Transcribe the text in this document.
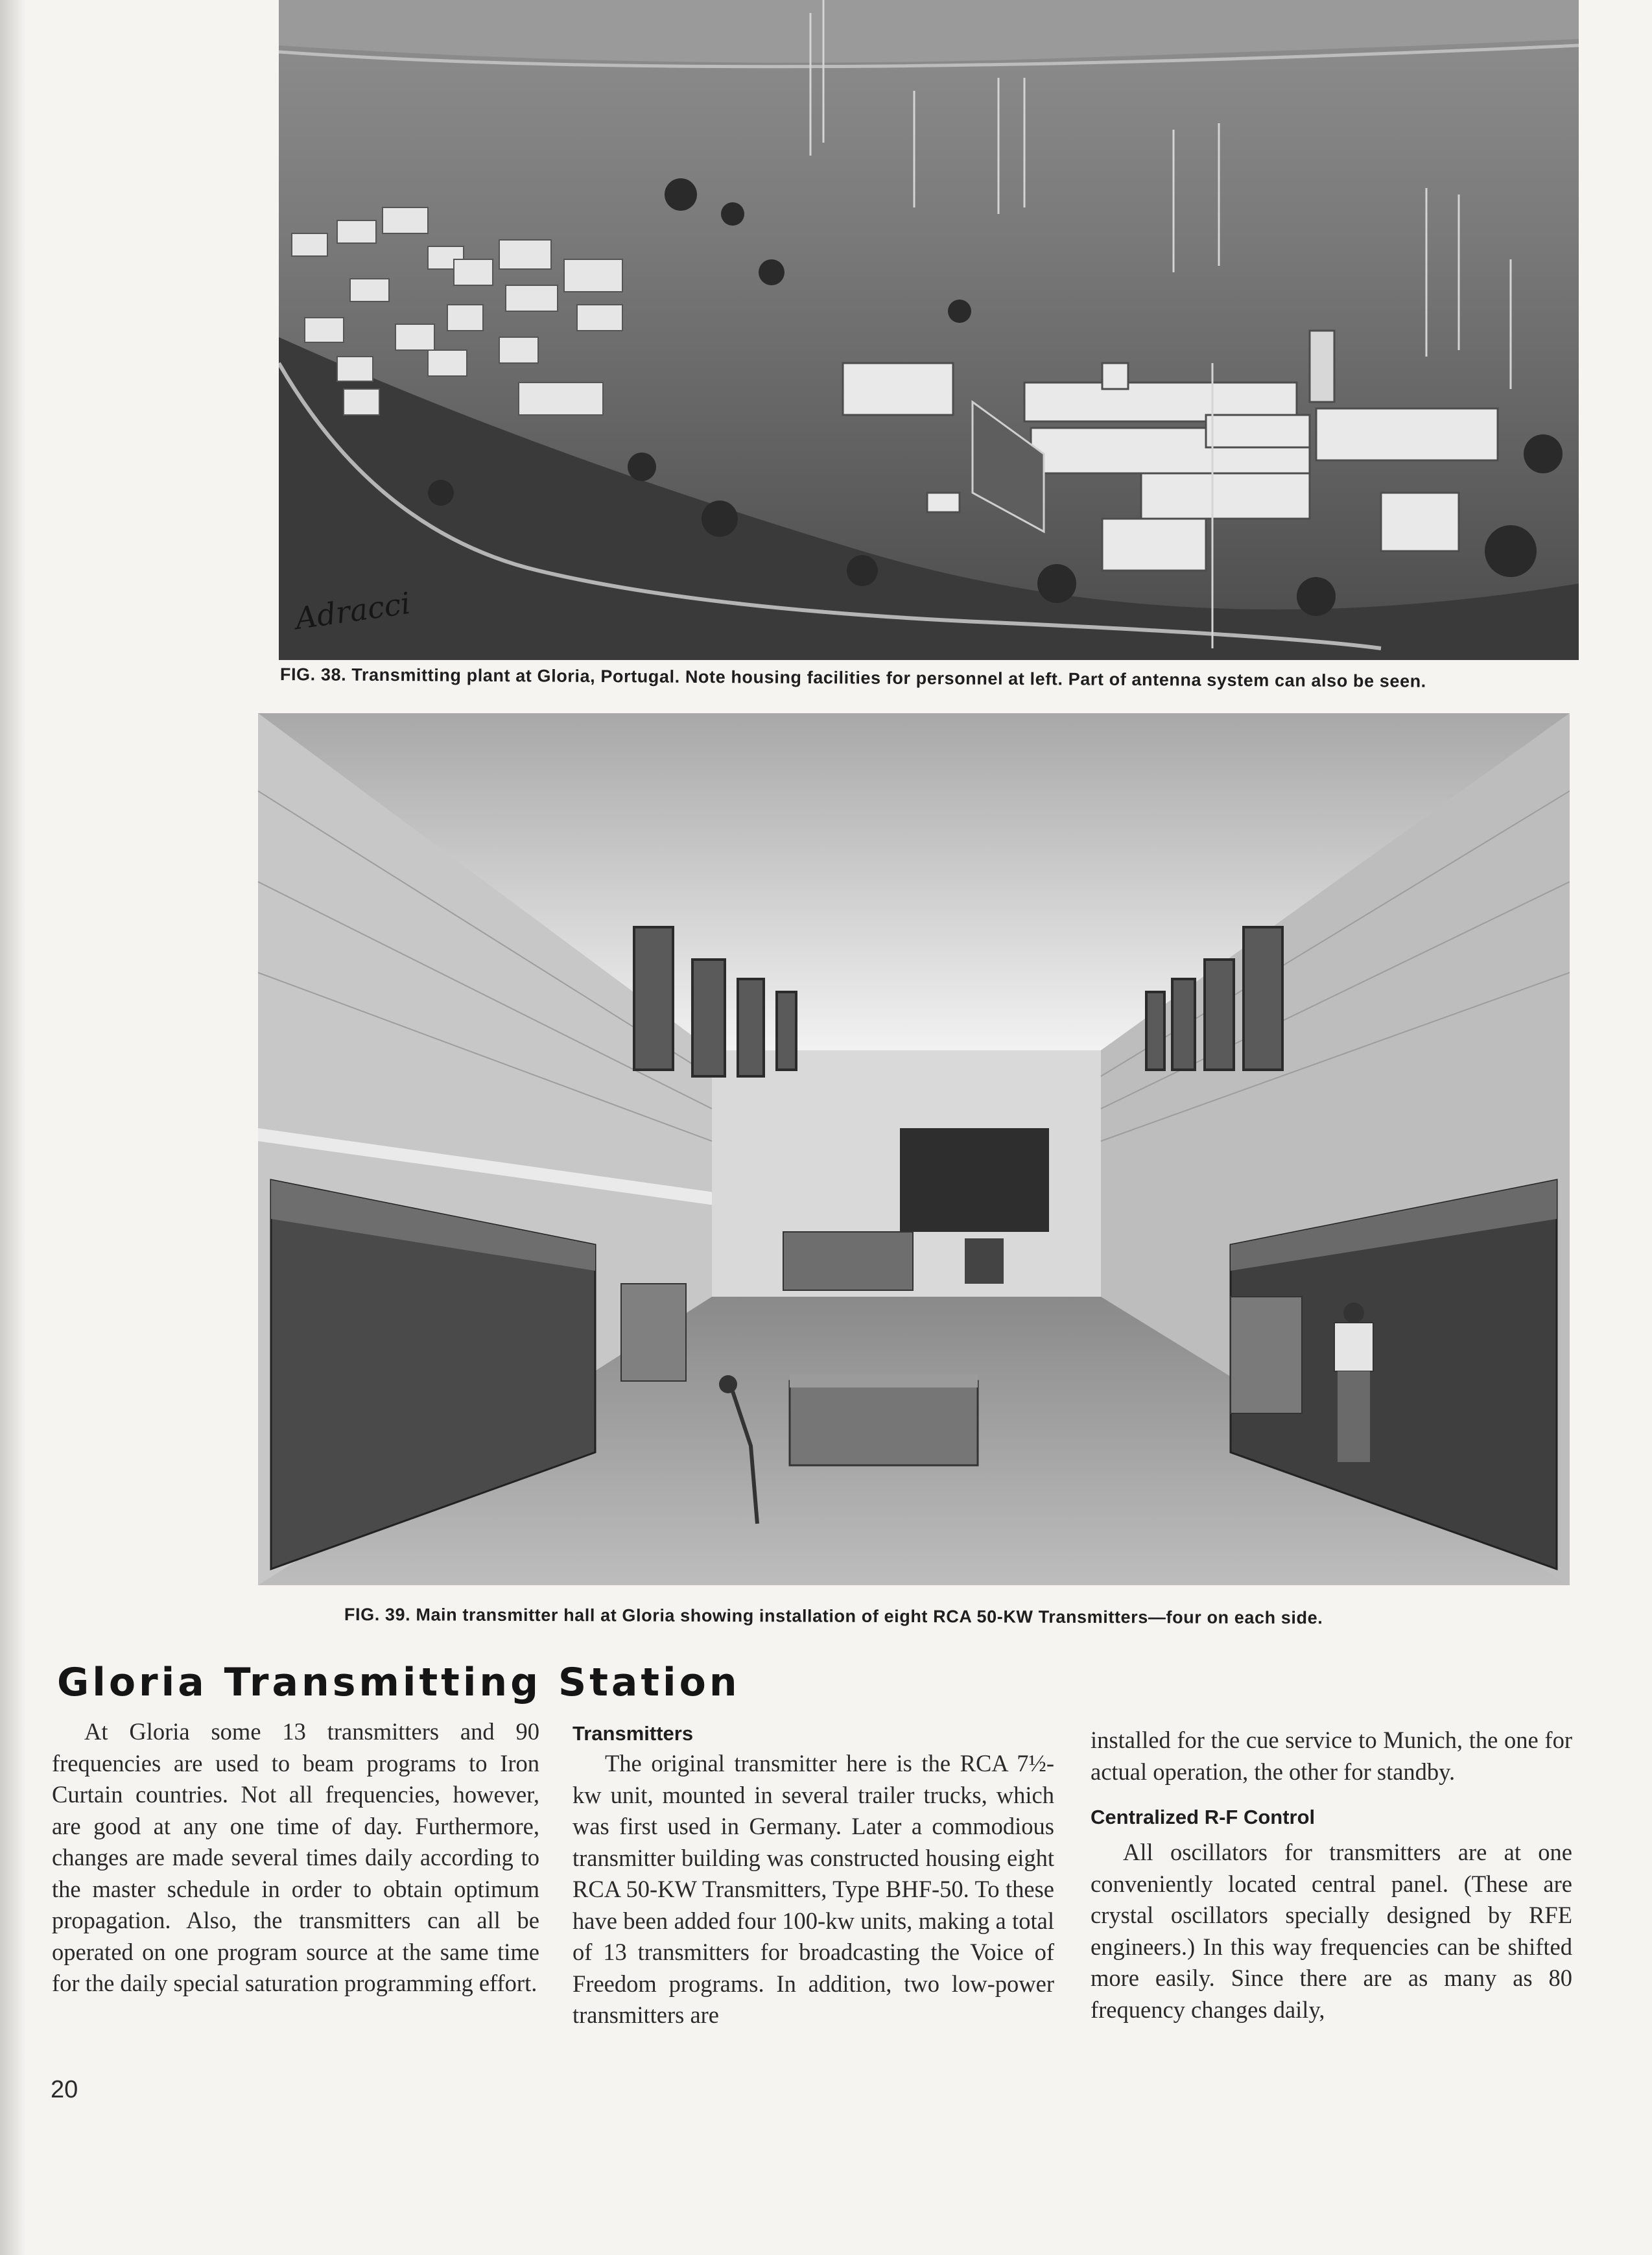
Adracci
FIG. 38. Transmitting plant at Gloria, Portugal. Note housing facilities for personnel at left. Part of antenna system can also be seen.
FIG. 39. Main transmitter hall at Gloria showing installation of eight RCA 50-KW Transmitters—four on each side.
Gloria Transmitting Station

At Gloria some 13 transmitters and 90 frequencies are used to beam programs to Iron Curtain countries. Not all frequencies, however, are good at any one time of day. Furthermore, changes are made several times daily according to the master schedule in order to obtain optimum propagation. Also, the transmitters can all be operated on one program source at the same time for the daily special saturation programming effort.

Transmitters

The original transmitter here is the RCA 7½-kw unit, mounted in several trailer trucks, which was first used in Germany. Later a commodious transmitter building was constructed housing eight RCA 50-KW Transmitters, Type BHF-50. To these have been added four 100-kw units, making a total of 13 transmitters for broadcasting the Voice of Freedom programs. In addition, two low-power transmitters are

installed for the cue service to Munich, the one for actual operation, the other for standby.

Centralized R-F Control

All oscillators for transmitters are at one conveniently located central panel. (These are crystal oscillators specially designed by RFE engineers.) In this way frequencies can be shifted more easily. Since there are as many as 80 frequency changes daily,

20
